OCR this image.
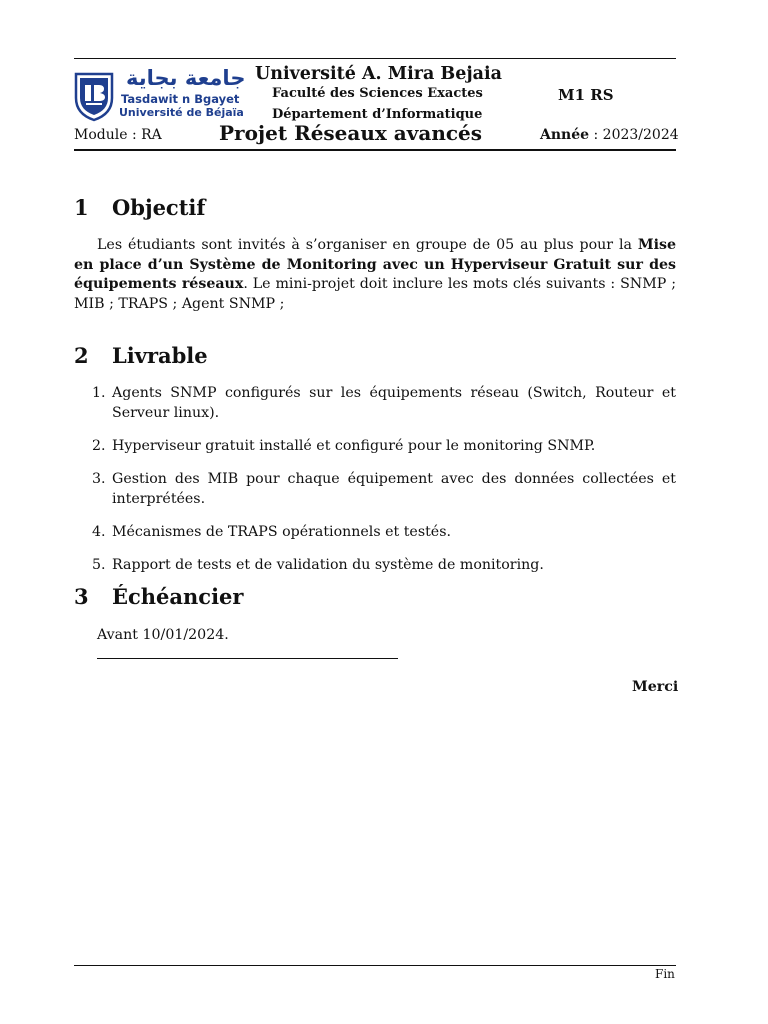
جامعة بجاية
Tasdawit n Bgayet
Université de Béjaïa
Université A. Mira Bejaia
Faculté des Sciences Exactes
Département d’Informatique
M1 RS
Module : RA	Projet Réseaux avancés	Année : 2023/2024
1 Objectif

Les étudiants sont invités à s’organiser en groupe de 05 au plus pour la Mise en place d’un Système de Monitoring avec un Hyperviseur Gratuit sur des équipements réseaux. Le mini-projet doit inclure les mots clés suivants : SNMP ; MIB ; TRAPS ; Agent SNMP ;

2 Livrable
1. Agents SNMP configurés sur les équipements réseau (Switch, Routeur et Serveur linux).
2. Hyperviseur gratuit installé et configuré pour le monitoring SNMP.
3. Gestion des MIB pour chaque équipement avec des données collectées et interprétées.
4. Mécanismes de TRAPS opérationnels et testés.
5. Rapport de tests et de validation du système de monitoring.
3 Échéancier
Avant 10/01/2024.
Merci
Fin
